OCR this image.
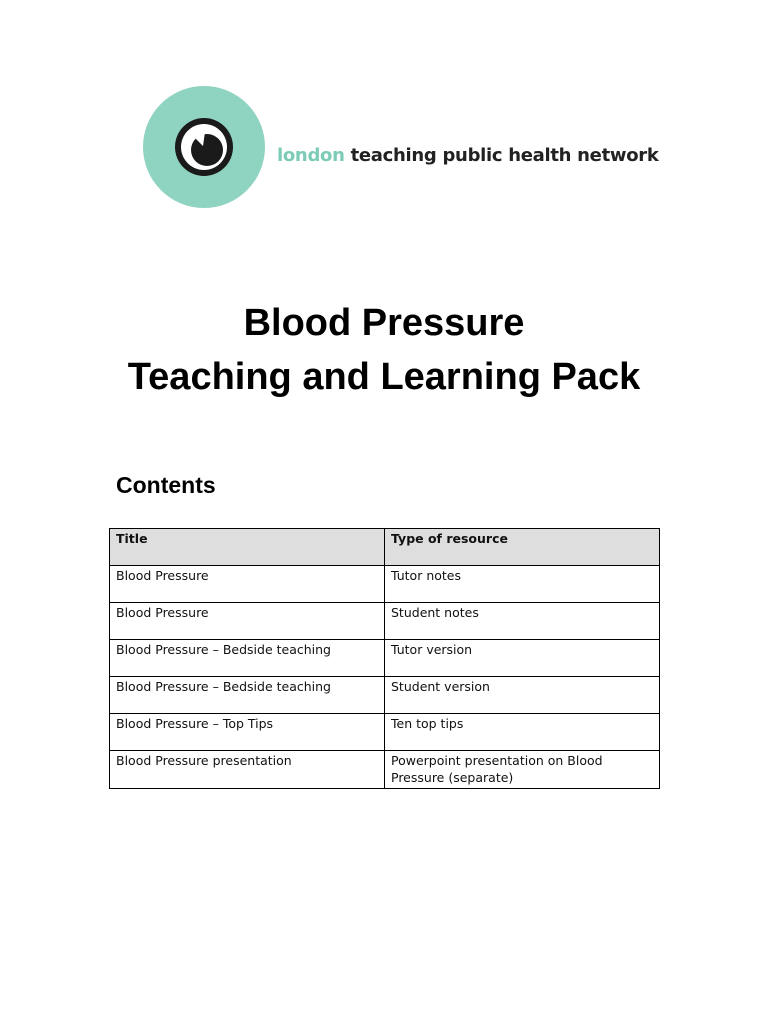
london teaching public health network
Blood Pressure
Teaching and Learning Pack
Contents
Title	Type of resource
Blood Pressure	Tutor notes
Blood Pressure	Student notes
Blood Pressure – Bedside teaching	Tutor version
Blood Pressure – Bedside teaching	Student version
Blood Pressure – Top Tips	Ten top tips
Blood Pressure presentation	Powerpoint presentation on Blood Pressure (separate)
